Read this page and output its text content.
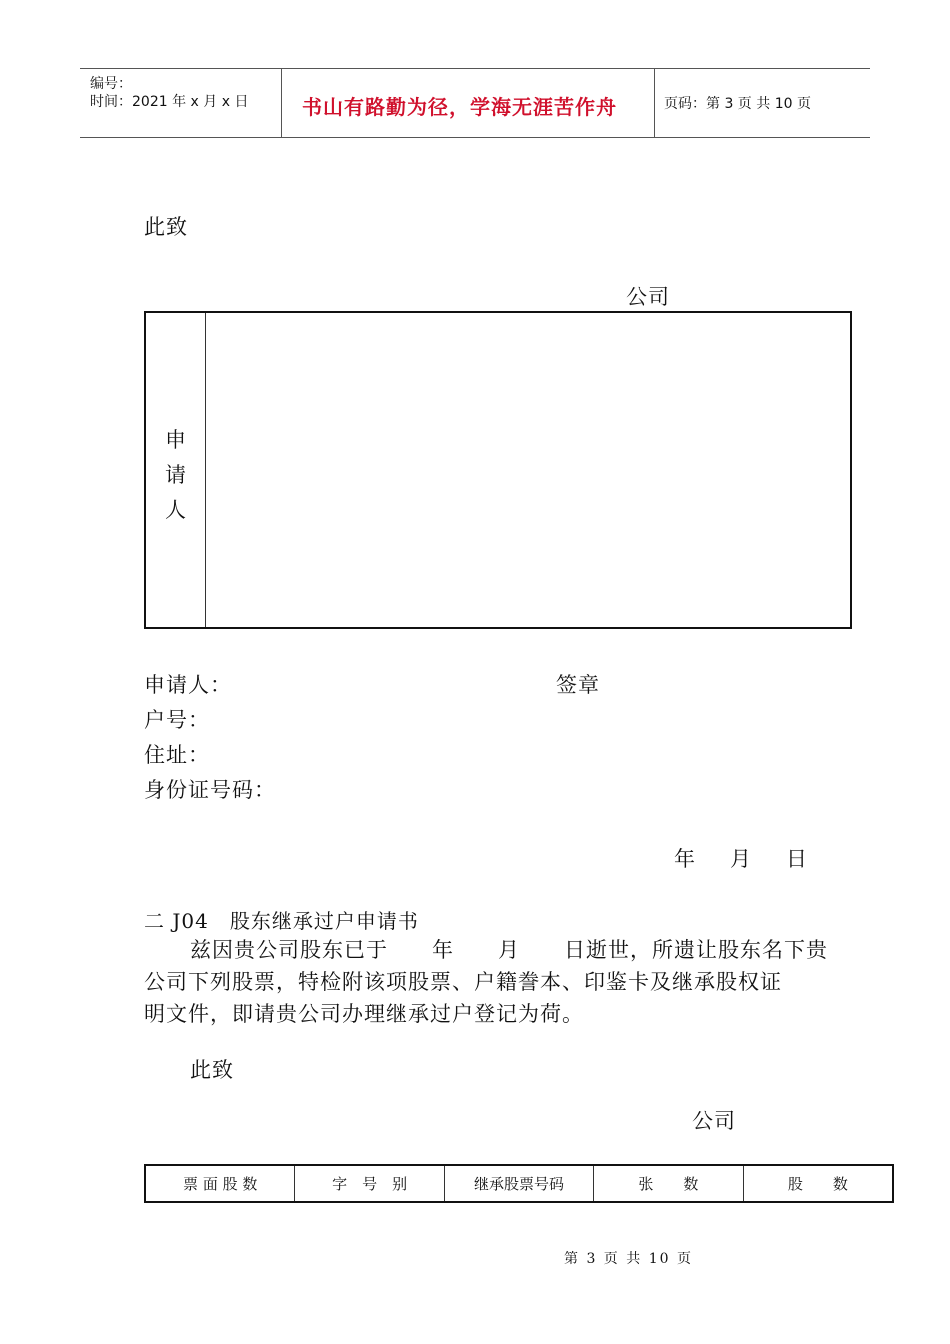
编号：
时间：2021 年 x 月 x 日	书山有路勤为径，学海无涯苦作舟	页码：第 3 页 共 10 页
此致
公司
申
请
人
申请人：	签章
户号：
住址：
身份证号码：
年 月 日
二 J04　股东继承过户申请书
兹因贵公司股东已于　　年　　月　　日逝世，所遗让股东名下贵
公司下列股票，特检附该项股票、户籍誊本、印鉴卡及继承股权证
明文件，即请贵公司办理继承过户登记为荷。
此致
公司
票 面 股 数	字　号　别	继承股票号码	张　　数	股　　数
第 3 页 共 10 页
